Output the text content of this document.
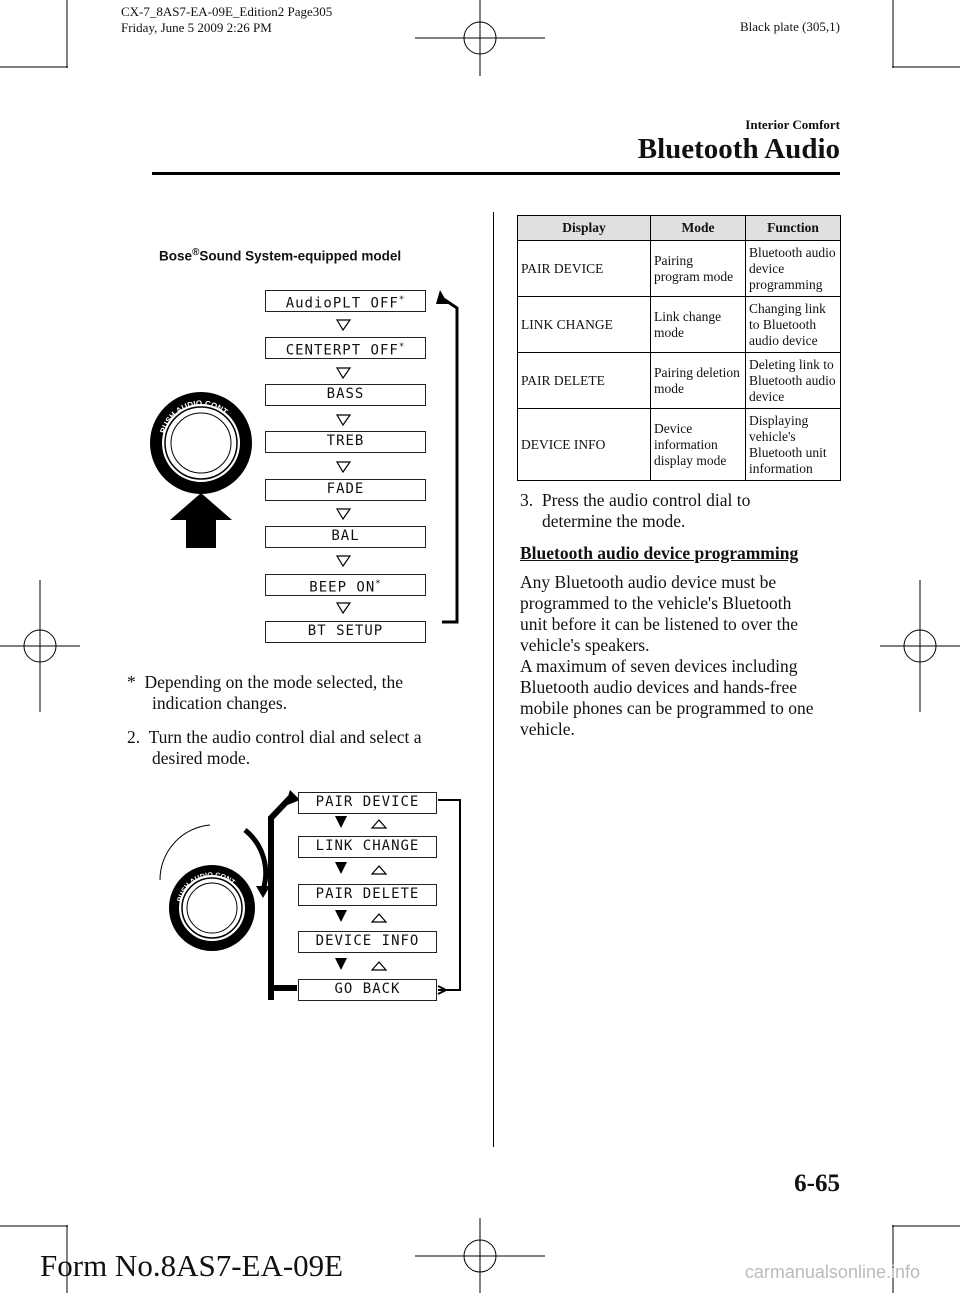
CX-7_8AS7-EA-09E_Edition2 Page305
Friday, June 5 2009 2:26 PM	Black plate (305,1)
Interior Comfort
Bluetooth Audio
Bose®Sound System-equipped model
PUSH AUDIO CONT
AudioPLT OFF*
CENTERPT OFF*
BASS
TREB
FADE
BAL
BEEP ON*
BT SETUP
* Depending on the mode selected, the
indication changes.
2. Turn the audio control dial and select a
desired mode.
PUSH AUDIO CONT
PAIR DEVICE
LINK CHANGE
PAIR DELETE
DEVICE INFO
GO BACK
Display	Mode	Function
PAIR DEVICE	Pairing program mode	Bluetooth audio device programming
LINK CHANGE	Link change mode	Changing link to Bluetooth audio device
PAIR DELETE	Pairing deletion mode	Deleting link to Bluetooth audio device
DEVICE INFO	Device information display mode	Displaying vehicle's Bluetooth unit information
3. Press the audio control dial to
determine the mode.
Bluetooth audio device programming
Any Bluetooth audio device must be
programmed to the vehicle's Bluetooth
unit before it can be listened to over the
vehicle's speakers.
A maximum of seven devices including
Bluetooth audio devices and hands-free
mobile phones can be programmed to one
vehicle.
6-65
Form No.8AS7-EA-09E	carmanualsonline.info
